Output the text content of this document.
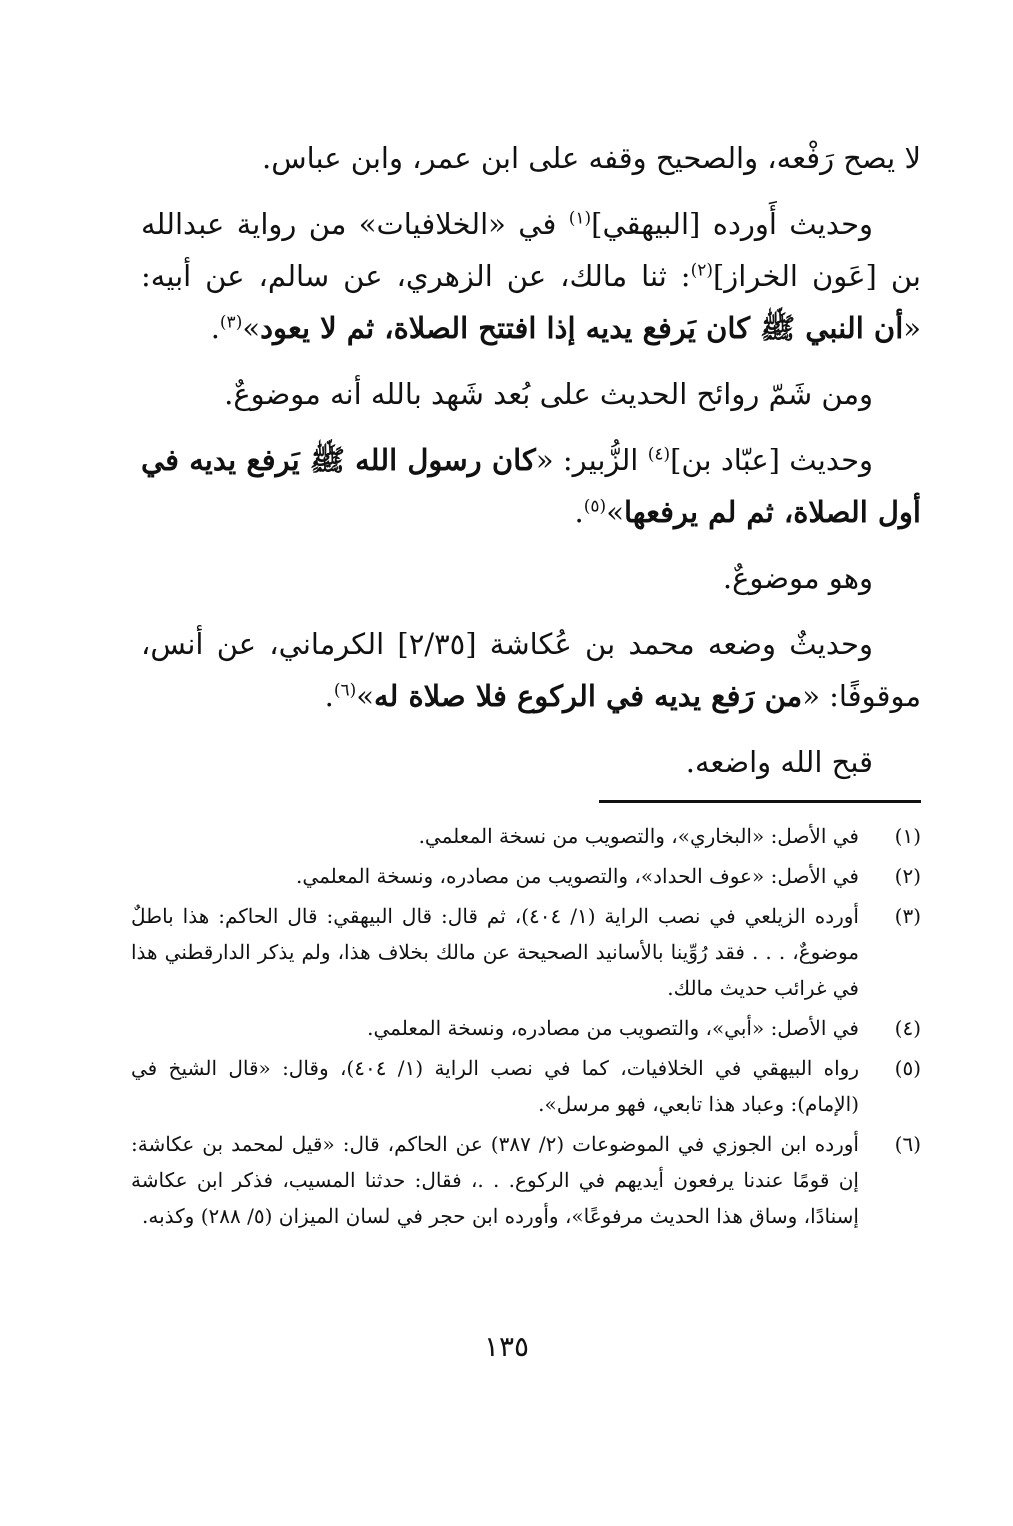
لا يصح رَفْعه، والصحيح وقفه على ابن عمر، وابن عباس.

وحديث أَورده [البيهقي]$^{(١)}$ في «الخلافيات» من رواية عبدالله بن [عَون الخراز]$^{(٢)}$: ثنا مالك، عن الزهري، عن سالم، عن أبيه: «أن النبي ﷺ كان يَرفع يديه إذا افتتح الصلاة، ثم لا يعود»$^{(٣)}$.

ومن شَمّ روائح الحديث على بُعد شَهد بالله أنه موضوعٌ.

وحديث [عبّاد بن]$^{(٤)}$ الزُّبير: «كان رسول الله ﷺ يَرفع يديه في أول الصلاة، ثم لم يرفعها»$^{(٥)}$.

وهو موضوعٌ.

وحديثٌ وضعه محمد بن عُكاشة [٢/٣٥] الكرماني، عن أنس، موقوفًا: «من رَفع يديه في الركوع فلا صلاة له»$^{(٦)}$.

قبح الله واضعه.

(١)
في الأصل: «البخاري»، والتصويب من نسخة المعلمي.
(٢)
في الأصل: «عوف الحداد»، والتصويب من مصادره، ونسخة المعلمي.
(٣)
أورده الزيلعي في نصب الراية (١/ ٤٠٤)، ثم قال: قال البيهقي: قال الحاكم: هذا باطلٌ موضوعٌ، . . . فقد رُوِّينا بالأسانيد الصحيحة عن مالك بخلاف هذا، ولم يذكر الدارقطني هذا في غرائب حديث مالك.
(٤)
في الأصل: «أبي»، والتصويب من مصادره، ونسخة المعلمي.
(٥)
رواه البيهقي في الخلافيات، كما في نصب الراية (١/ ٤٠٤)، وقال: «قال الشيخ في (الإمام): وعباد هذا تابعي، فهو مرسل».
(٦)
أورده ابن الجوزي في الموضوعات (٢/ ٣٨٧) عن الحاكم، قال: «قيل لمحمد بن عكاشة: إن قومًا عندنا يرفعون أيديهم في الركوع. . .، فقال: حدثنا المسيب، فذكر ابن عكاشة إسنادًا، وساق هذا الحديث مرفوعًا»، وأورده ابن حجر في لسان الميزان (٥/ ٢٨٨) وكذبه.
١٣٥
